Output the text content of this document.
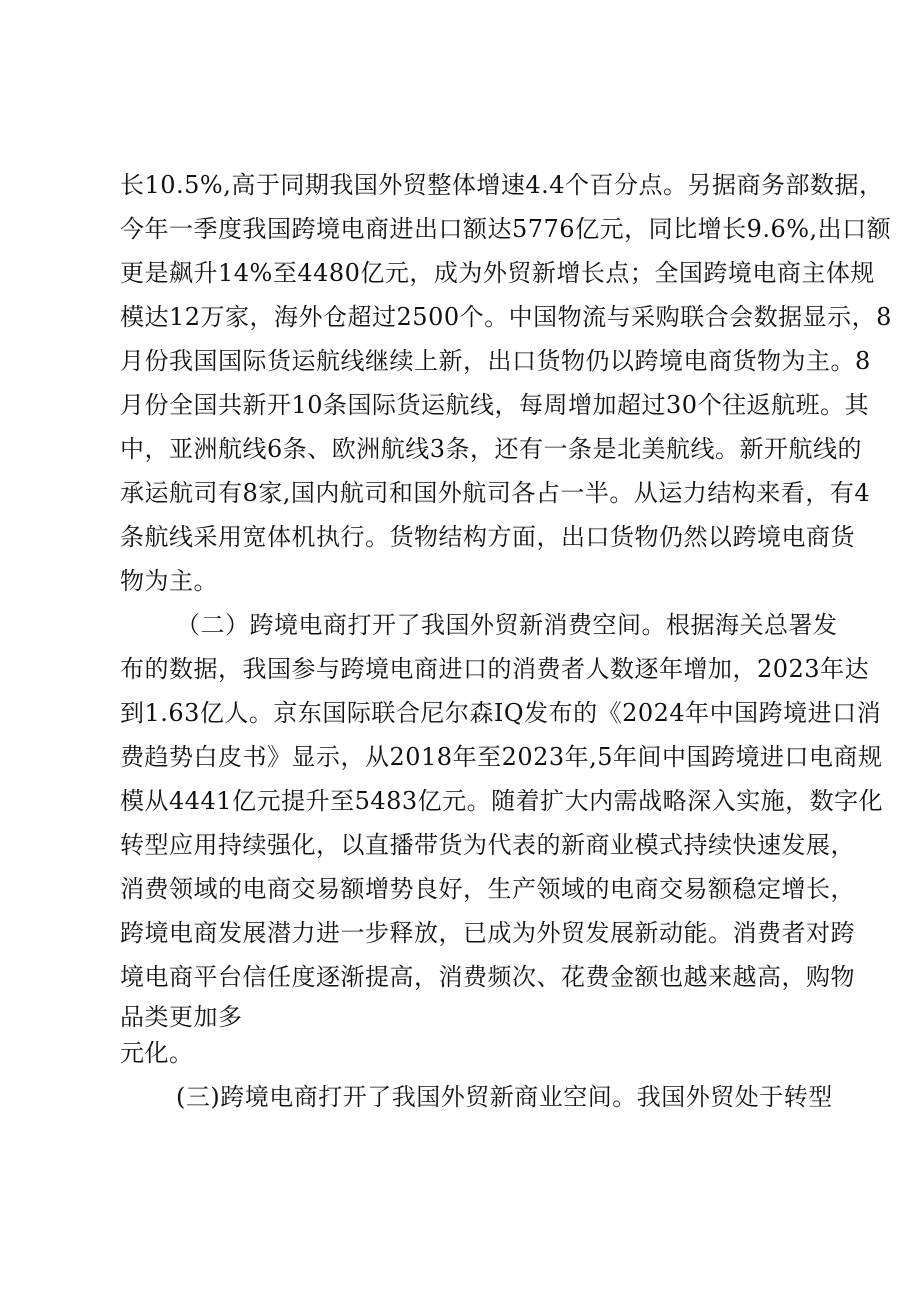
长10.5%,高于同期我国外贸整体增速4.4个百分点。另据商务部数据，
今年一季度我国跨境电商进出口额达5776亿元，同比增长9.6%,出口额
更是飙升14%至4480亿元，成为外贸新增长点；全国跨境电商主体规
模达12万家，海外仓超过2500个。中国物流与采购联合会数据显示，8
月份我国国际货运航线继续上新，出口货物仍以跨境电商货物为主。8
月份全国共新开10条国际货运航线，每周增加超过30个往返航班。其
中，亚洲航线6条、欧洲航线3条，还有一条是北美航线。新开航线的
承运航司有8家,国内航司和国外航司各占一半。从运力结构来看，有4
条航线采用宽体机执行。货物结构方面，出口货物仍然以跨境电商货
物为主。
（二）跨境电商打开了我国外贸新消费空间。根据海关总署发
布的数据，我国参与跨境电商进口的消费者人数逐年增加，2023年达
到1.63亿人。京东国际联合尼尔森IQ发布的《2024年中国跨境进口消
费趋势白皮书》显示，从2018年至2023年,5年间中国跨境进口电商规
模从4441亿元提升至5483亿元。随着扩大内需战略深入实施，数字化
转型应用持续强化，以直播带货为代表的新商业模式持续快速发展，
消费领域的电商交易额增势良好，生产领域的电商交易额稳定增长，
跨境电商发展潜力进一步释放，已成为外贸发展新动能。消费者对跨
境电商平台信任度逐渐提高，消费频次、花费金额也越来越高，购物
品类更加多
元化。
(三)跨境电商打开了我国外贸新商业空间。我国外贸处于转型
